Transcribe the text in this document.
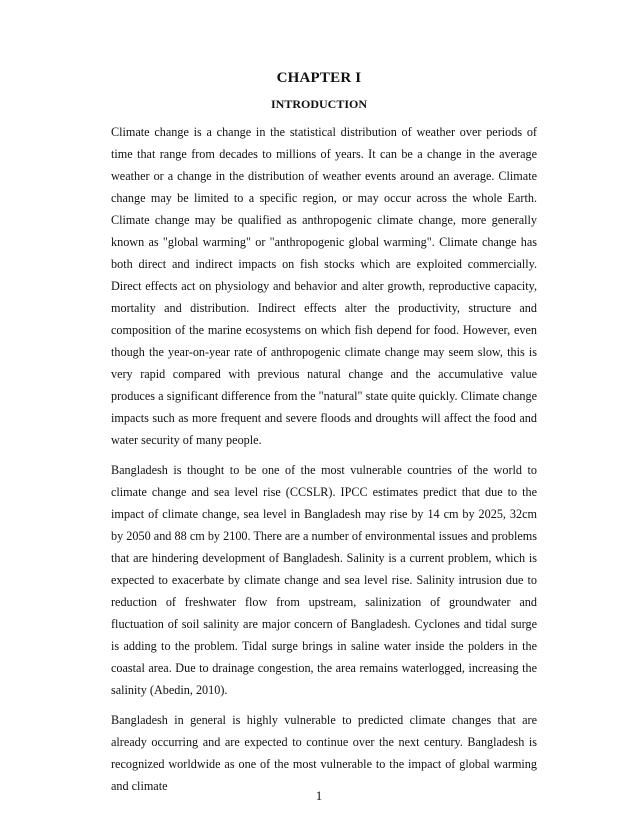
CHAPTER I
INTRODUCTION

Climate change is a change in the statistical distribution of weather over periods of time that range from decades to millions of years. It can be a change in the average weather or a change in the distribution of weather events around an average. Climate change may be limited to a specific region, or may occur across the whole Earth. Climate change may be qualified as anthropogenic climate change, more generally known as "global warming" or "anthropogenic global warming". Climate change has both direct and indirect impacts on fish stocks which are exploited commercially. Direct effects act on physiology and behavior and alter growth, reproductive capacity, mortality and distribution. Indirect effects alter the productivity, structure and composition of the marine ecosystems on which fish depend for food. However, even though the year-on-year rate of anthropogenic climate change may seem slow, this is very rapid compared with previous natural change and the accumulative value produces a significant difference from the "natural" state quite quickly. Climate change impacts such as more frequent and severe floods and droughts will affect the food and water security of many people.

Bangladesh is thought to be one of the most vulnerable countries of the world to climate change and sea level rise (CCSLR). IPCC estimates predict that due to the impact of climate change, sea level in Bangladesh may rise by 14 cm by 2025, 32cm by 2050 and 88 cm by 2100. There are a number of environmental issues and problems that are hindering development of Bangladesh. Salinity is a current problem, which is expected to exacerbate by climate change and sea level rise. Salinity intrusion due to reduction of freshwater flow from upstream, salinization of groundwater and fluctuation of soil salinity are major concern of Bangladesh. Cyclones and tidal surge is adding to the problem. Tidal surge brings in saline water inside the polders in the coastal area. Due to drainage congestion, the area remains waterlogged, increasing the salinity (Abedin, 2010).

Bangladesh in general is highly vulnerable to predicted climate changes that are already occurring and are expected to continue over the next century. Bangladesh is recognized worldwide as one of the most vulnerable to the impact of global warming and climate

1
